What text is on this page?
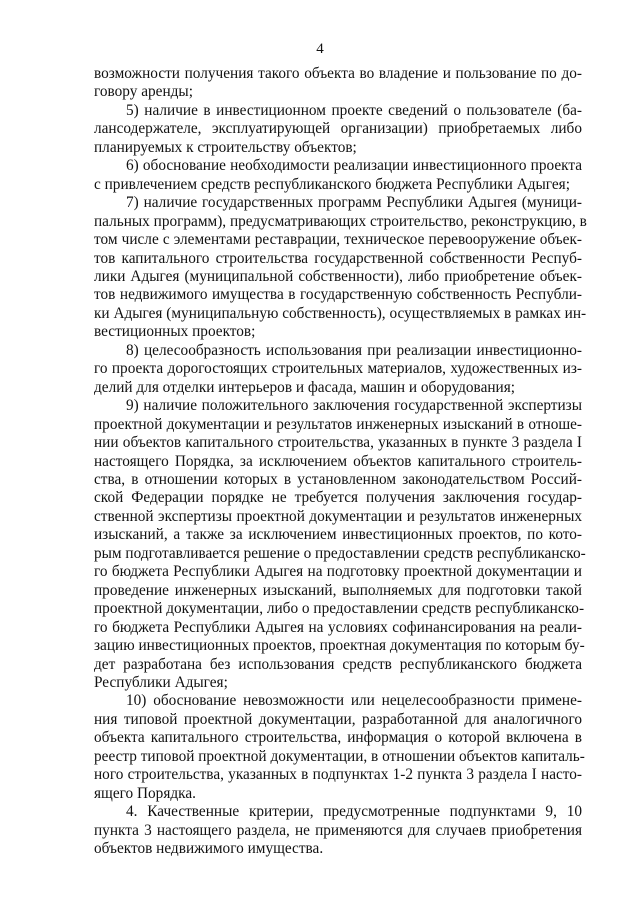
4
возможности получения такого объекта во владение и пользование по до-
говору аренды;
5) наличие в инвестиционном проекте сведений о пользователе (ба-
лансодержателе, эксплуатирующей организации) приобретаемых либо
планируемых к строительству объектов;
6) обоснование необходимости реализации инвестиционного проекта
с привлечением средств республиканского бюджета Республики Адыгея;
7) наличие государственных программ Республики Адыгея (муници-
пальных программ), предусматривающих строительство, реконструкцию, в
том числе с элементами реставрации, техническое перевооружение объек-
тов капитального строительства государственной собственности Респуб-
лики Адыгея (муниципальной собственности), либо приобретение объек-
тов недвижимого имущества в государственную собственность Республи-
ки Адыгея (муниципальную собственность), осуществляемых в рамках ин-
вестиционных проектов;
8) целесообразность использования при реализации инвестиционно-
го проекта дорогостоящих строительных материалов, художественных из-
делий для отделки интерьеров и фасада, машин и оборудования;
9) наличие положительного заключения государственной экспертизы
проектной документации и результатов инженерных изысканий в отноше-
нии объектов капитального строительства, указанных в пункте 3 раздела I
настоящего Порядка, за исключением объектов капитального строитель-
ства, в отношении которых в установленном законодательством Россий-
ской Федерации порядке не требуется получения заключения государ-
ственной экспертизы проектной документации и результатов инженерных
изысканий, а также за исключением инвестиционных проектов, по кото-
рым подготавливается решение о предоставлении средств республиканско-
го бюджета Республики Адыгея на подготовку проектной документации и
проведение инженерных изысканий, выполняемых для подготовки такой
проектной документации, либо о предоставлении средств республиканско-
го бюджета Республики Адыгея на условиях софинансирования на реали-
зацию инвестиционных проектов, проектная документация по которым бу-
дет разработана без использования средств республиканского бюджета
Республики Адыгея;
10) обоснование невозможности или нецелесообразности примене-
ния типовой проектной документации, разработанной для аналогичного
объекта капитального строительства, информация о которой включена в
реестр типовой проектной документации, в отношении объектов капиталь-
ного строительства, указанных в подпунктах 1-2 пункта 3 раздела I насто-
ящего Порядка.
4. Качественные критерии, предусмотренные подпунктами 9, 10
пункта 3 настоящего раздела, не применяются для случаев приобретения
объектов недвижимого имущества.
